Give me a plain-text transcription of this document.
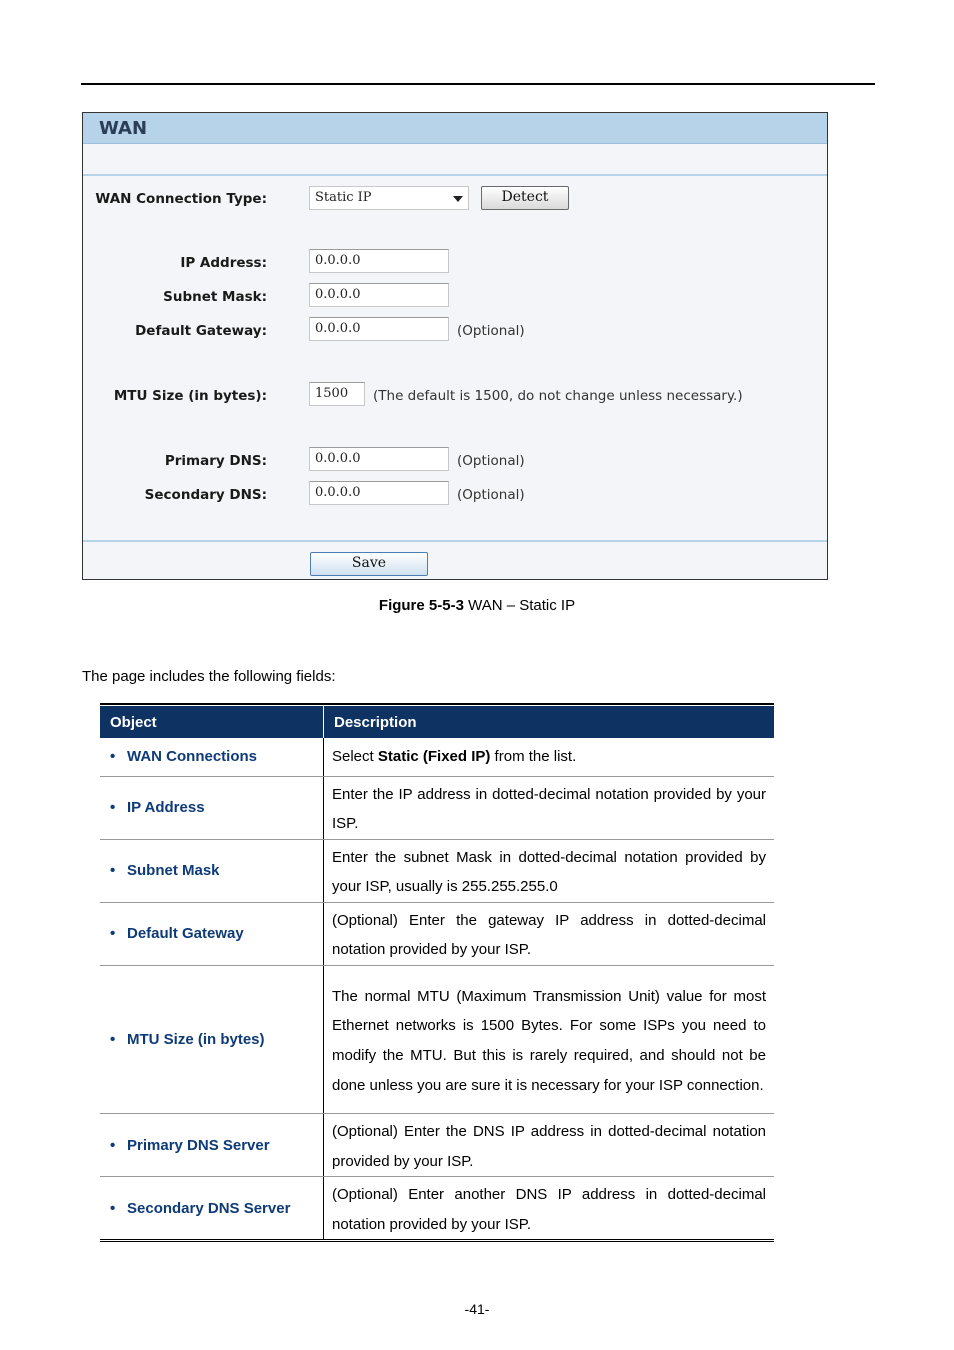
WAN
WAN Connection Type:	Static IP	Detect
IP Address:	0.0.0.0
Subnet Mask:	0.0.0.0
Default Gateway:	0.0.0.0	(Optional)
MTU Size (in bytes):	1500	(The default is 1500, do not change unless necessary.)
Primary DNS:	0.0.0.0	(Optional)
Secondary DNS:	0.0.0.0	(Optional)
Save
Figure 5-5-3 WAN – Static IP
The page includes the following fields:
Object	Description
• WAN Connections	Select Static (Fixed IP) from the list.
• IP Address	Enter the IP address in dotted-decimal notation provided by your ISP.
• Subnet Mask	Enter the subnet Mask in dotted-decimal notation provided by your ISP, usually is 255.255.255.0
• Default Gateway	(Optional) Enter the gateway IP address in dotted-decimal notation provided by your ISP.
• MTU Size (in bytes)	The normal MTU (Maximum Transmission Unit) value for most Ethernet networks is 1500 Bytes. For some ISPs you need to modify the MTU. But this is rarely required, and should not be done unless you are sure it is necessary for your ISP connection.
• Primary DNS Server	(Optional) Enter the DNS IP address in dotted-decimal notation provided by your ISP.
• Secondary DNS Server	(Optional) Enter another DNS IP address in dotted-decimal notation provided by your ISP.
-41-
